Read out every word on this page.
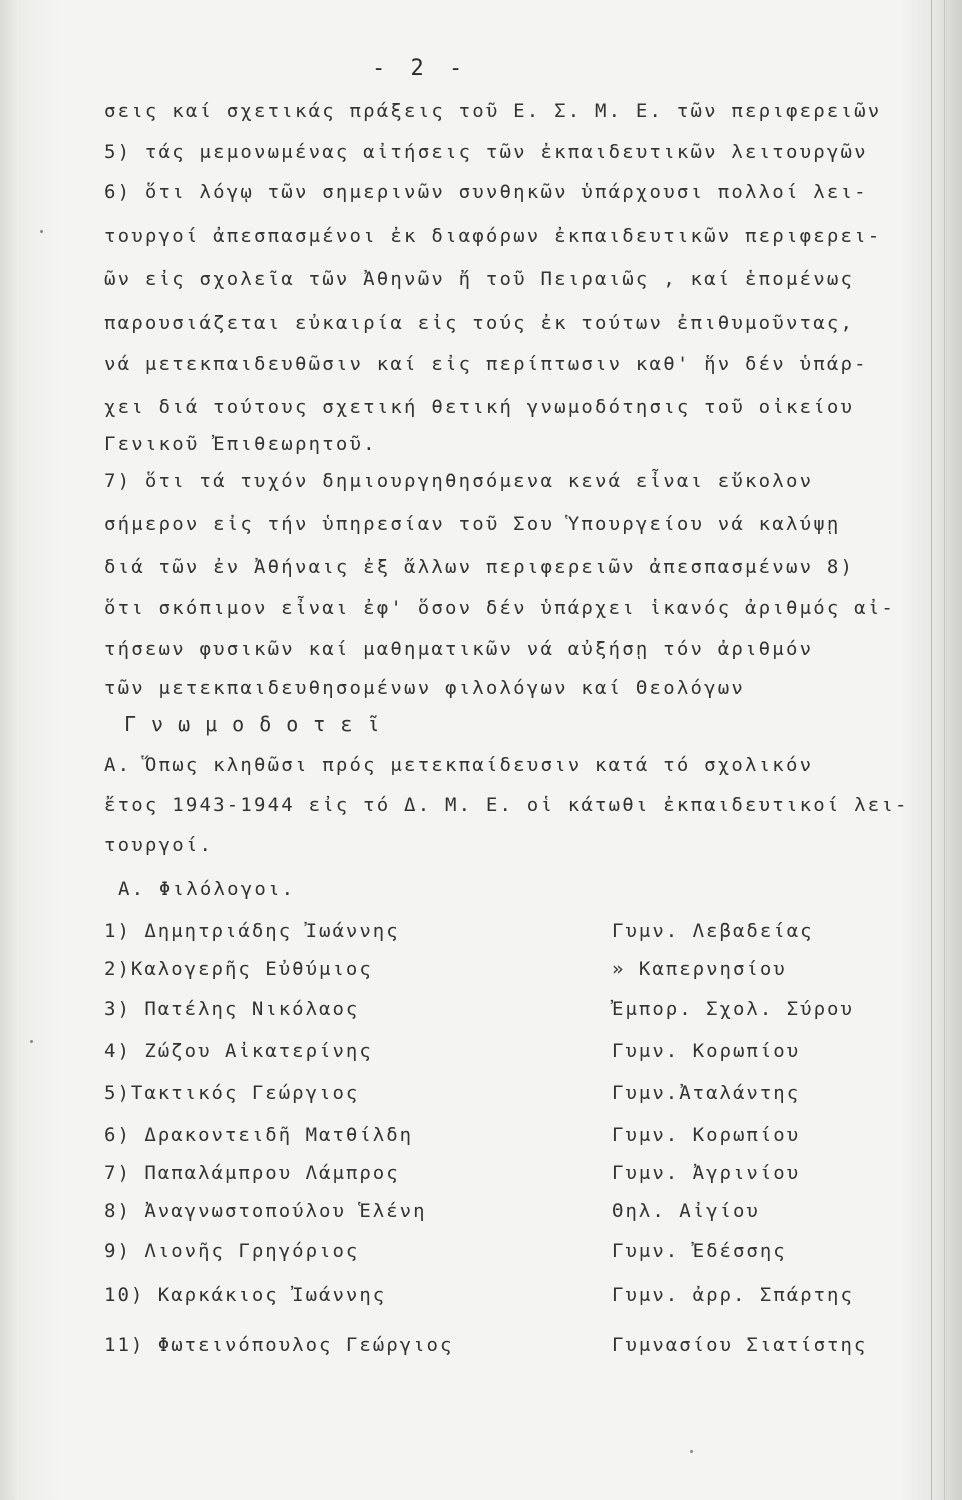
- 2 -
σεις καί σχετικάς πράξεις τοῦ Ε. Σ. Μ. Ε. τῶν περιφερειῶν
5) τάς μεμονωμένας αἰτήσεις τῶν ἐκπαιδευτικῶν λειτουργῶν
6) ὅτι λόγῳ τῶν σημερινῶν συνθηκῶν ὑπάρχουσι πολλοί λει-
τουργοί ἀπεσπασμένοι ἐκ διαφόρων ἐκπαιδευτικῶν περιφερει-
ῶν εἰς σχολεῖα τῶν Ἀθηνῶν ἤ τοῦ Πειραιῶς , καί ἑπομένως
παρουσιάζεται εὐκαιρία εἰς τούς ἐκ τούτων ἐπιθυμοῦντας,
νά μετεκπαιδευθῶσιν καί εἰς περίπτωσιν καθ' ἥν δέν ὑπάρ-
χει διά τούτους σχετική θετική γνωμοδότησις τοῦ οἰκείου
Γενικοῦ Ἐπιθεωρητοῦ.
7) ὅτι τά τυχόν δημιουργηθησόμενα κενά εἶναι εὔκολον
σήμερον εἰς τήν ὑπηρεσίαν τοῦ Σου Ὑπουργείου νά καλύψῃ
διά τῶν ἐν Ἀθήναις ἐξ ἄλλων περιφερειῶν ἀπεσπασμένων 8)
ὅτι σκόπιμον εἶναι ἐφ' ὅσον δέν ὑπάρχει ἱκανός ἀριθμός αἰ-
τήσεων φυσικῶν καί μαθηματικῶν νά αὐξήσῃ τόν ἀριθμόν
τῶν μετεκπαιδευθησομένων φιλολόγων καί Θεολόγων
Γνωμοδοτεῖ
Α. Ὅπως κληθῶσι πρός μετεκπαίδευσιν κατά τό σχολικόν
ἔτος 1943-1944 εἰς τό Δ. Μ. Ε. οἱ κάτωθι ἐκπαιδευτικοί λει-
τουργοί.
Α. Φιλόλογοι.
1) Δημητριάδης Ἰωάννης	Γυμν. Λεβαδείας
2)Καλογερῆς Εὐθύμιος	» Καπερνησίου
3) Πατέλης Νικόλαος	Ἐμπορ. Σχολ. Σύρου
4) Ζώζου Αἰκατερίνης	Γυμν. Κορωπίου
5)Τακτικός Γεώργιος	Γυμν.Ἀταλάντης
6) Δρακοντειδῆ Ματθίλδη	Γυμν. Κορωπίου
7) Παπαλάμπρου Λάμπρος	Γυμν. Ἀγρινίου
8) Ἀναγνωστοπούλου Ἑλένη	Θηλ. Αἰγίου
9) Λιονῆς Γρηγόριος	Γυμν. Ἐδέσσης
10) Καρκάκιος Ἰωάννης	Γυμν. ἀρρ. Σπάρτης
11) Φωτεινόπουλος Γεώργιος	Γυμνασίου Σιατίστης
